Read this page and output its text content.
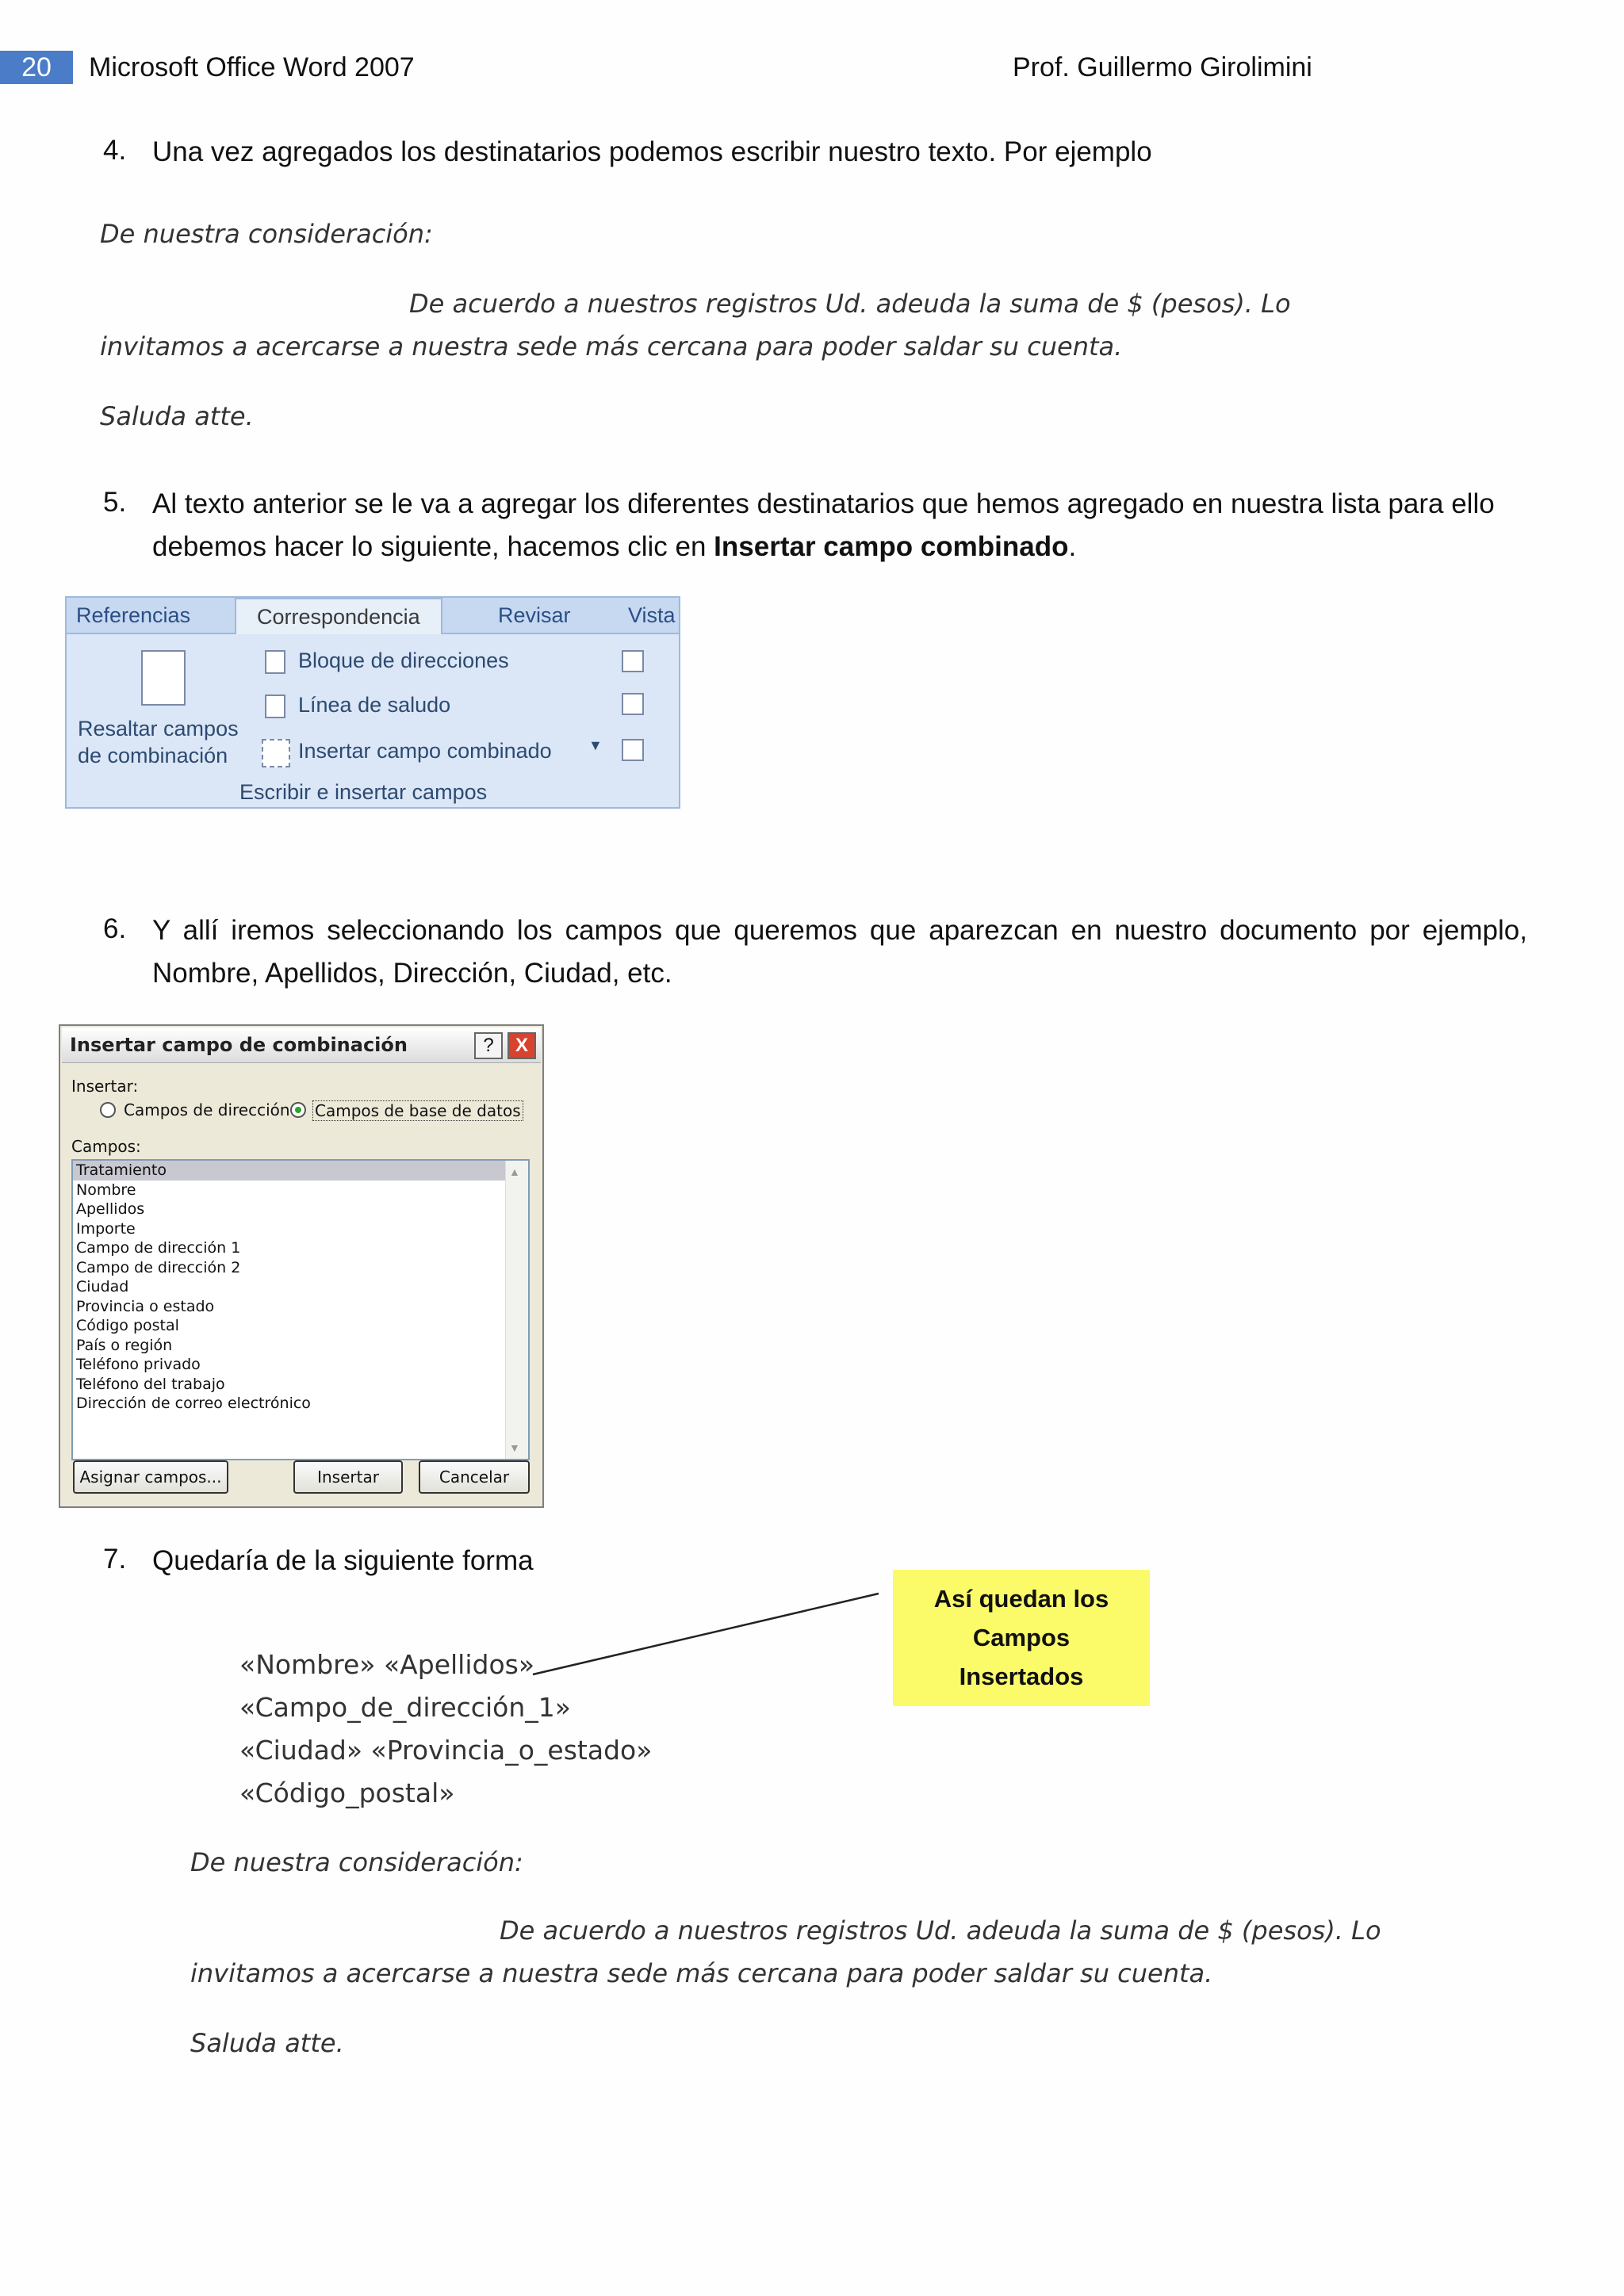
20	Microsoft Office Word 2007	Prof. Guillermo Girolimini
4. Una vez agregados los destinatarios podemos escribir nuestro texto. Por ejemplo
De nuestra consideración:
De acuerdo a nuestros registros Ud. adeuda la suma de $ (pesos). Lo
invitamos a acercarse a nuestra sede más cercana para poder saldar su cuenta.
Saluda atte.
5. Al texto anterior se le va a agregar los diferentes destinatarios que hemos agregado en nuestra lista para ello
debemos hacer lo siguiente, hacemos clic en Insertar campo combinado.
Referencias	Correspondencia	Revisar	Vista
Resaltar campos
de combinación
Bloque de direcciones
Línea de saludo
Insertar campo combinado	▼
Escribir e insertar campos
6. Y allí iremos seleccionando los campos que queremos que aparezcan en nuestro documento por ejemplo,
Nombre, Apellidos, Dirección, Ciudad, etc.
Insertar campo de combinación	?	X
Insertar:
Campos de dirección Campos de base de datos
Campos:
Tratamiento
Nombre
Apellidos
Importe
Campo de dirección 1
Campo de dirección 2
Ciudad
Provincia o estado
Código postal
País o región
Teléfono privado
Teléfono del trabajo
Dirección de correo electrónico
▲
▼
Asignar campos...	Insertar	Cancelar
7. Quedaría de la siguiente forma
Así quedan los
Campos
Insertados
«Nombre» «Apellidos»
«Campo_de_dirección_1»
«Ciudad» «Provincia_o_estado»
«Código_postal»
De nuestra consideración:
De acuerdo a nuestros registros Ud. adeuda la suma de $ (pesos). Lo
invitamos a acercarse a nuestra sede más cercana para poder saldar su cuenta.
Saluda atte.
